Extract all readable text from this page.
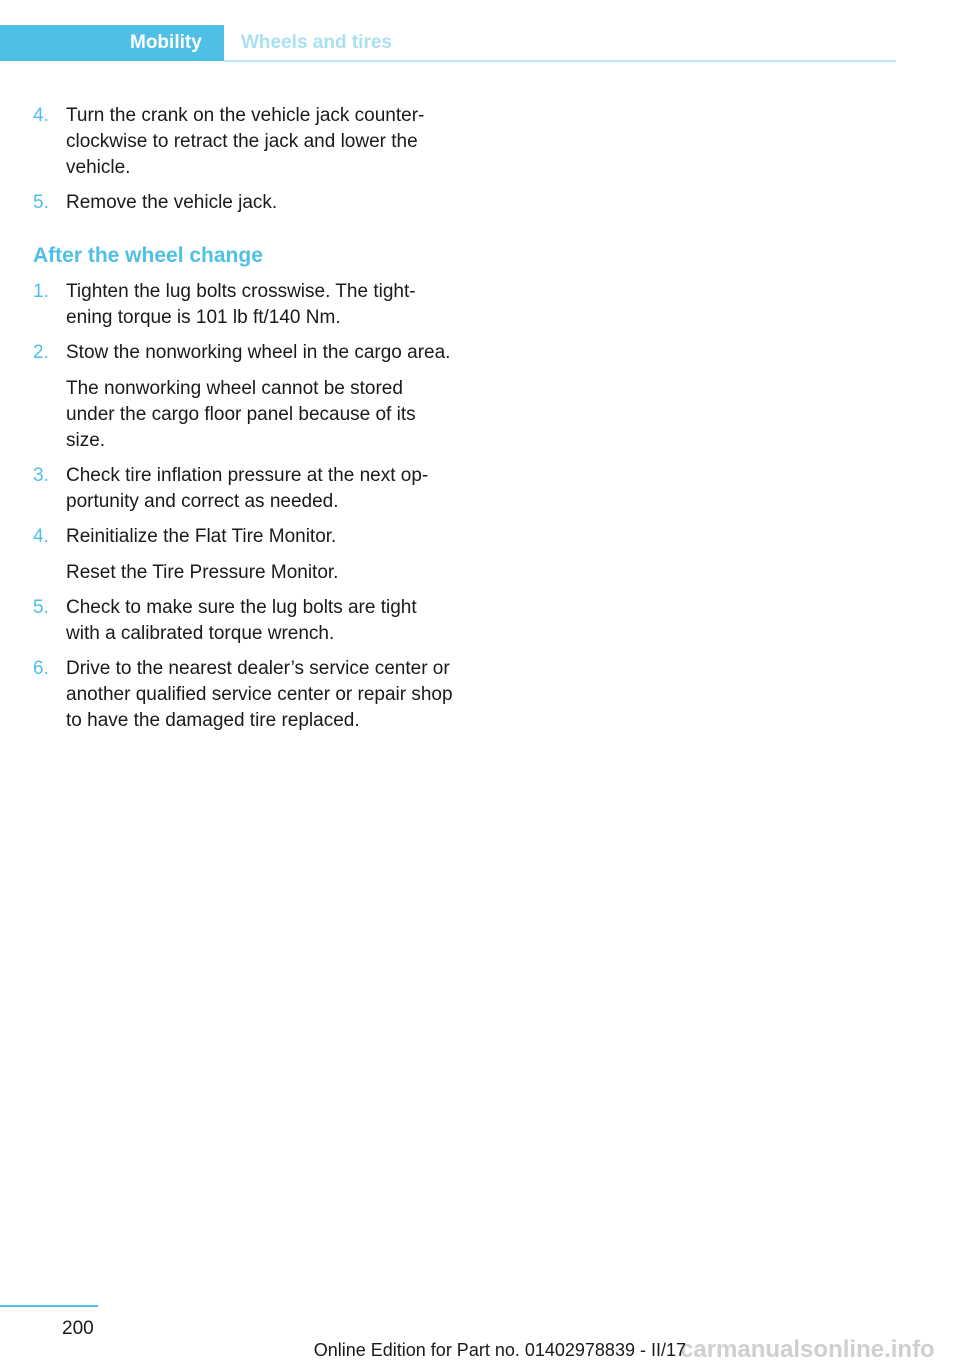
Mobility Wheels and tires
4. Turn the crank on the vehicle jack counter-clockwise to retract the jack and lower the vehicle.
5. Remove the vehicle jack.
After the wheel change
1. Tighten the lug bolts crosswise. The tight-ening torque is 101 lb ft/140 Nm.
2. Stow the nonworking wheel in the cargo area.
The nonworking wheel cannot be stored under the cargo floor panel because of its size.
3. Check tire inflation pressure at the next op-portunity and correct as needed.
4. Reinitialize the Flat Tire Monitor.
Reset the Tire Pressure Monitor.
5. Check to make sure the lug bolts are tight with a calibrated torque wrench.
6. Drive to the nearest dealer’s service center or another qualified service center or repair shop to have the damaged tire replaced.
200
carmanualsonline.info
Online Edition for Part no. 01402978839 - II/17
